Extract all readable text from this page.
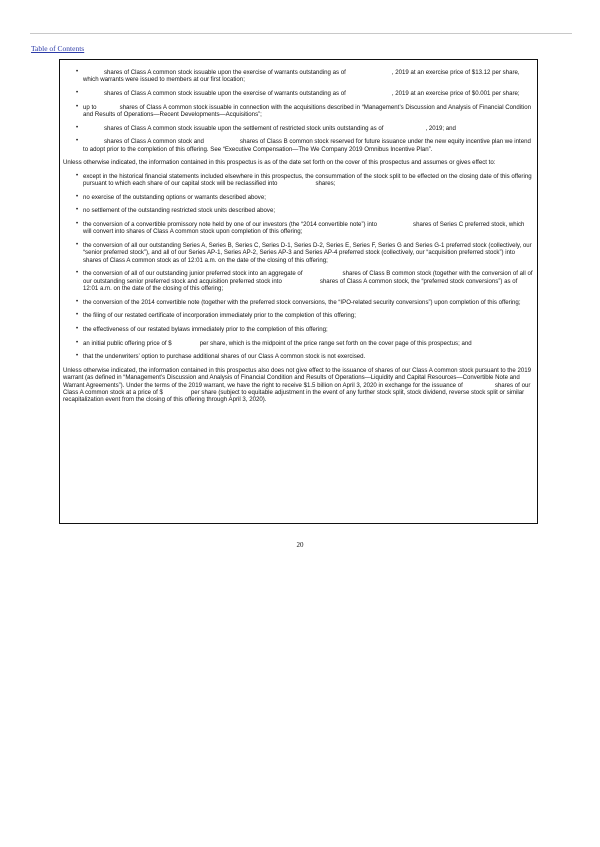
Table of Contents
• shares of Class A common stock issuable upon the exercise of warrants outstanding as of	, 2019 at an exercise price of $13.12 per share, which warrants were issued to members at our first location;
• shares of Class A common stock issuable upon the exercise of warrants outstanding as of	, 2019 at an exercise price of $0.001 per share;
• up to	shares of Class A common stock issuable in connection with the acquisitions described in “Management’s Discussion and Analysis of Financial Condition and Results of Operations—Recent Developments—Acquisitions”;
• shares of Class A common stock issuable upon the settlement of restricted stock units outstanding as of	, 2019; and
• shares of Class A common stock and	shares of Class B common stock reserved for future issuance under the new equity incentive plan we intend to adopt prior to the completion of this offering. See “Executive Compensation—The We Company 2019 Omnibus Incentive Plan”.

Unless otherwise indicated, the information contained in this prospectus is as of the date set forth on the cover of this prospectus and assumes or gives effect to:

• except in the historical financial statements included elsewhere in this prospectus, the consummation of the stock split to be effected on the closing date of this offering pursuant to which each share of our capital stock will be reclassified into	shares;
• no exercise of the outstanding options or warrants described above;
• no settlement of the outstanding restricted stock units described above;
• the conversion of a convertible promissory note held by one of our investors (the “2014 convertible note”) into	shares of Series C preferred stock, which will convert into shares of Class A common stock upon completion of this offering;
• the conversion of all our outstanding Series A, Series B, Series C, Series D-1, Series D-2, Series E, Series F, Series G and Series G-1 preferred stock (collectively, our “senior preferred stock”), and all of our Series AP-1, Series AP-2, Series AP-3 and Series AP-4 preferred stock (collectively, our “acquisition preferred stock”) into shares of Class A common stock as of 12:01 a.m. on the date of the closing of this offering;
• the conversion of all of our outstanding junior preferred stock into an aggregate of	shares of Class B common stock (together with the conversion of all of our outstanding senior preferred stock and acquisition preferred stock into	shares of Class A common stock, the “preferred stock conversions”) as of 12:01 a.m. on the date of the closing of this offering;
• the conversion of the 2014 convertible note (together with the preferred stock conversions, the “IPO-related security conversions”) upon completion of this offering;
• the filing of our restated certificate of incorporation immediately prior to the completion of this offering;
• the effectiveness of our restated bylaws immediately prior to the completion of this offering;
• an initial public offering price of $	per share, which is the midpoint of the price range set forth on the cover page of this prospectus; and
• that the underwriters’ option to purchase additional shares of our Class A common stock is not exercised.

Unless otherwise indicated, the information contained in this prospectus also does not give effect to the issuance of shares of our Class A common stock pursuant to the 2019 warrant (as defined in “Management’s Discussion and Analysis of Financial Condition and Results of Operations—Liquidity and Capital Resources—Convertible Note and Warrant Agreements”). Under the terms of the 2019 warrant, we have the right to receive $1.5 billion on April 3, 2020 in exchange for the issuance of	shares of our Class A common stock at a price of $	per share (subject to equitable adjustment in the event of any further stock split, stock dividend, reverse stock split or similar recapitalization event from the closing of this offering through April 3, 2020).

20
